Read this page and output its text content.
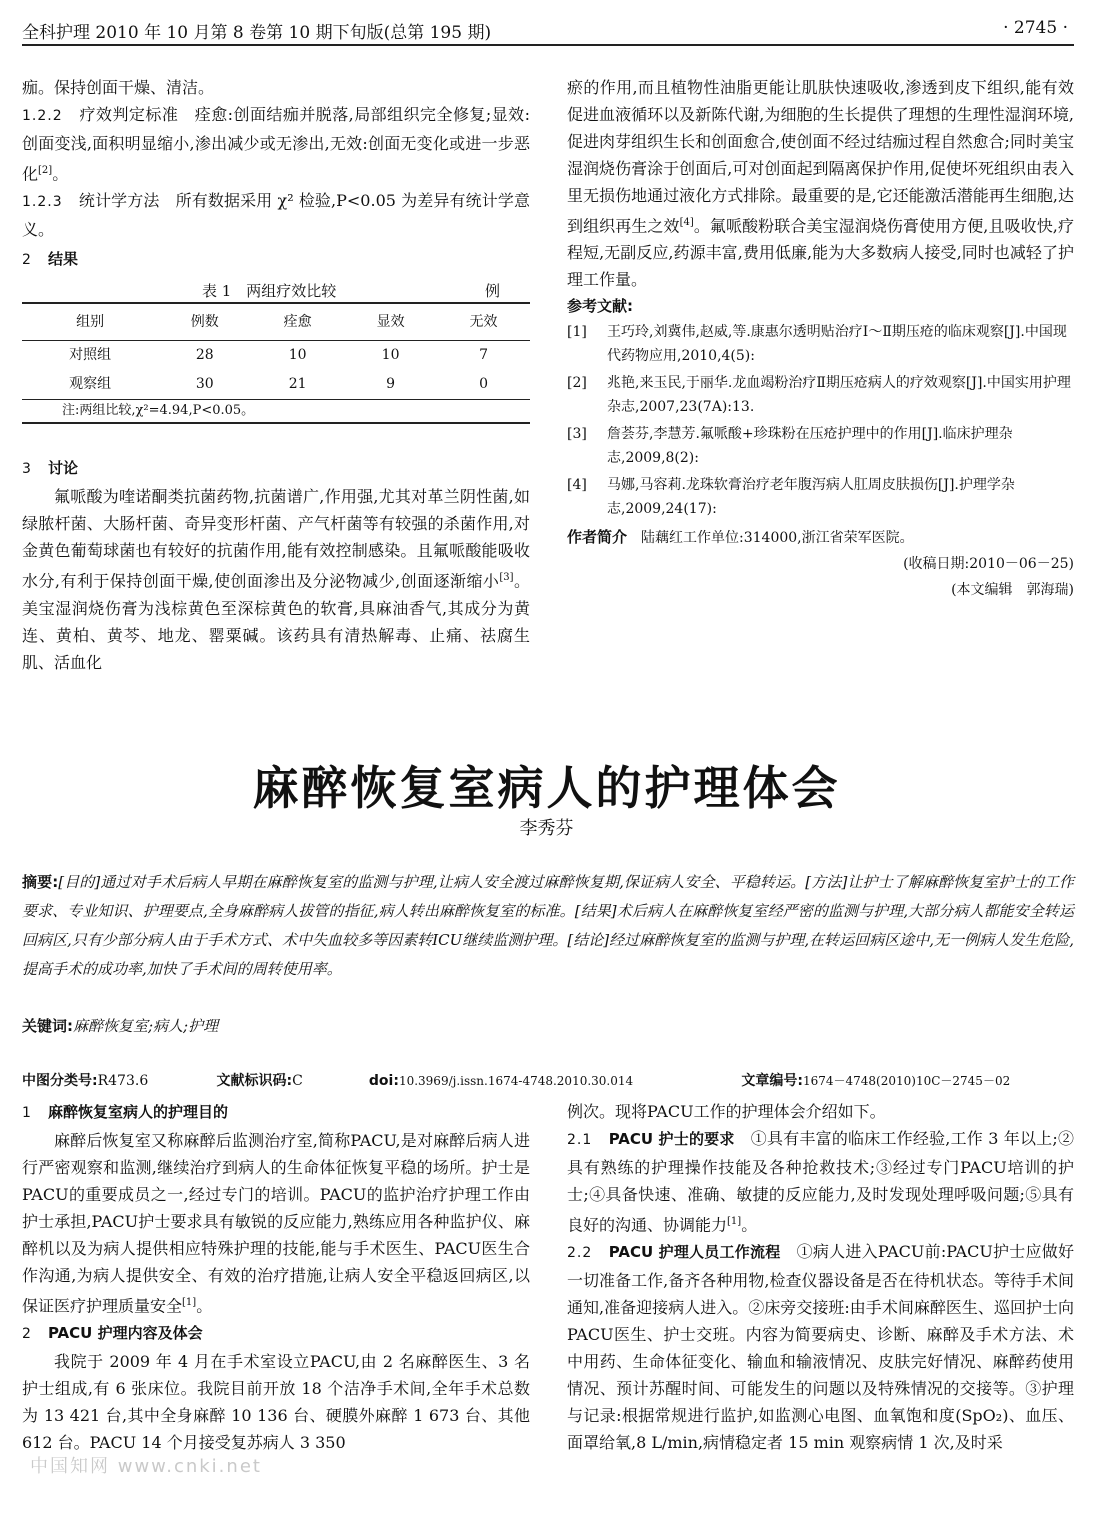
全科护理 2010 年 10 月第 8 卷第 10 期下旬版(总第 195 期)	· 2745 ·

痂。保持创面干燥、清洁。

1.2.2　 疗效判定标准　 痊愈:创面结痂并脱落,局部组织完全修复;显效:创面变浅,面积明显缩小,渗出减少或无渗出,无效:创面无变化或进一步恶化[2]。

1.2.3　 统计学方法　 所有数据采用 χ² 检验,P<0.05 为差异有统计学意义。

2　 结果

表 1　两组疗效比较	例
组别	例数	痊愈	显效	无效
对照组	28	10	10	7
观察组	30	21	9	0
注:两组比较,χ²=4.94,P<0.05。

3　 讨论

氟哌酸为喹诺酮类抗菌药物,抗菌谱广,作用强,尤其对革兰阴性菌,如绿脓杆菌、大肠杆菌、奇异变形杆菌、产气杆菌等有较强的杀菌作用,对金黄色葡萄球菌也有较好的抗菌作用,能有效控制感染。且氟哌酸能吸收水分,有利于保持创面干燥,使创面渗出及分泌物减少,创面逐渐缩小[3]。美宝湿润烧伤膏为浅棕黄色至深棕黄色的软膏,具麻油香气,其成分为黄连、黄柏、黄芩、地龙、罂粟碱。该药具有清热解毒、止痛、祛腐生肌、活血化

瘀的作用,而且植物性油脂更能让肌肤快速吸收,渗透到皮下组织,能有效促进血液循环以及新陈代谢,为细胞的生长提供了理想的生理性湿润环境,促进肉芽组织生长和创面愈合,使创面不经过结痂过程自然愈合;同时美宝湿润烧伤膏涂于创面后,可对创面起到隔离保护作用,促使坏死组织由表入里无损伤地通过液化方式排除。最重要的是,它还能激活潜能再生细胞,达到组织再生之效[4]。氟哌酸粉联合美宝湿润烧伤膏使用方便,且吸收快,疗程短,无副反应,药源丰富,费用低廉,能为大多数病人接受,同时也减轻了护理工作量。

参考文献:

[1]	王巧玲,刘冀伟,赵威,等.康惠尔透明贴治疗Ⅰ～Ⅱ期压疮的临床观察[J].中国现代药物应用,2010,4(5):
[2]	兆艳,来玉民,于丽华.龙血竭粉治疗Ⅱ期压疮病人的疗效观察[J].中国实用护理杂志,2007,23(7A):13.
[3]	詹荟芬,李慧芳.氟哌酸+珍珠粉在压疮护理中的作用[J].临床护理杂志,2009,8(2):
[4]	马娜,马容莉.龙珠软膏治疗老年腹泻病人肛周皮肤损伤[J].护理学杂志,2009,24(17):

作者简介　 陆藕红工作单位:314000,浙江省荣军医院。

(收稿日期:2010－06－25)

(本文编辑　郭海瑞)

麻醉恢复室病人的护理体会
李秀芬
摘要:[目的]通过对手术后病人早期在麻醉恢复室的监测与护理,让病人安全渡过麻醉恢复期,保证病人安全、平稳转运。[方法]让护士了解麻醉恢复室护士的工作要求、专业知识、护理要点,全身麻醉病人拔管的指征,病人转出麻醉恢复室的标准。[结果]术后病人在麻醉恢复室经严密的监测与护理,大部分病人都能安全转运回病区,只有少部分病人由于手术方式、术中失血较多等因素转ICU继续监测护理。[结论]经过麻醉恢复室的监测与护理,在转运回病区途中,无一例病人发生危险,提高手术的成功率,加快了手术间的周转使用率。
关键词:麻醉恢复室;病人;护理
中图分类号:R473.6	文献标识码:C	doi:10.3969/j.issn.1674-4748.2010.30.014	文章编号:1674－4748(2010)10C－2745－02

1　 麻醉恢复室病人的护理目的

麻醉后恢复室又称麻醉后监测治疗室,简称PACU,是对麻醉后病人进行严密观察和监测,继续治疗到病人的生命体征恢复平稳的场所。护士是PACU的重要成员之一,经过专门的培训。PACU的监护治疗护理工作由护士承担,PACU护士要求具有敏锐的反应能力,熟练应用各种监护仪、麻醉机以及为病人提供相应特殊护理的技能,能与手术医生、PACU医生合作沟通,为病人提供安全、有效的治疗措施,让病人安全平稳返回病区,以保证医疗护理质量安全[1]。

2　 PACU 护理内容及体会

我院于 2009 年 4 月在手术室设立PACU,由 2 名麻醉医生、3 名护士组成,有 6 张床位。我院目前开放 18 个洁净手术间,全年手术总数为 13 421 台,其中全身麻醉 10 136 台、硬膜外麻醉 1 673 台、其他 612 台。PACU 14 个月接受复苏病人 3 350

例次。现将PACU工作的护理体会介绍如下。

2.1　 PACU 护士的要求　 ①具有丰富的临床工作经验,工作 3 年以上;②具有熟练的护理操作技能及各种抢救技术;③经过专门PACU培训的护士;④具备快速、准确、敏捷的反应能力,及时发现处理呼吸问题;⑤具有良好的沟通、协调能力[1]。

2.2　 PACU 护理人员工作流程　 ①病人进入PACU前:PACU护士应做好一切准备工作,备齐各种用物,检查仪器设备是否在待机状态。等待手术间通知,准备迎接病人进入。②床旁交接班:由手术间麻醉医生、巡回护士向PACU医生、护士交班。内容为简要病史、诊断、麻醉及手术方法、术中用药、生命体征变化、输血和输液情况、皮肤完好情况、麻醉药使用情况、预计苏醒时间、可能发生的问题以及特殊情况的交接等。③护理与记录:根据常规进行监护,如监测心电图、血氧饱和度(SpO₂)、血压、面罩给氧,8 L/min,病情稳定者 15 min 观察病情 1 次,及时采

中国知网 www.cnki.net
